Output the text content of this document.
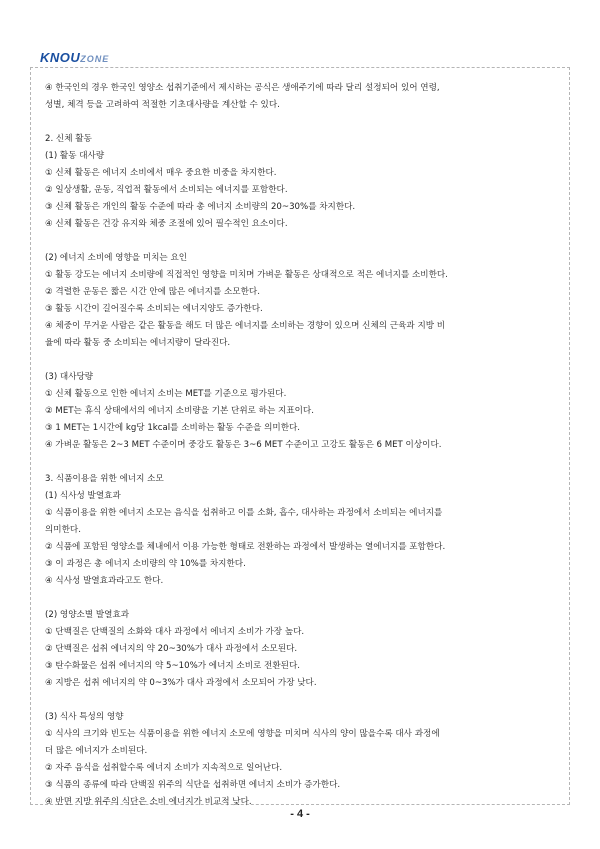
KNOUZONE
④ 한국인의 경우 한국인 영양소 섭취기준에서 제시하는 공식은 생애주기에 따라 달리 설정되어 있어 연령,
성별, 체격 등을 고려하여 적절한 기초대사량을 계산할 수 있다.
2. 신체 활동
(1) 활동 대사량
① 신체 활동은 에너지 소비에서 매우 중요한 비중을 차지한다.
② 일상생활, 운동, 직업적 활동에서 소비되는 에너지를 포함한다.
③ 신체 활동은 개인의 활동 수준에 따라 총 에너지 소비량의 20~30%를 차지한다.
④ 신체 활동은 건강 유지와 체중 조절에 있어 필수적인 요소이다.
(2) 에너지 소비에 영향을 미치는 요인
① 활동 강도는 에너지 소비량에 직접적인 영향을 미치며 가벼운 활동은 상대적으로 적은 에너지를 소비한다.
② 격렬한 운동은 짧은 시간 안에 많은 에너지를 소모한다.
③ 활동 시간이 길어질수록 소비되는 에너지양도 증가한다.
④ 체중이 무거운 사람은 같은 활동을 해도 더 많은 에너지를 소비하는 경향이 있으며 신체의 근육과 지방 비
율에 따라 활동 중 소비되는 에너지량이 달라진다.
(3) 대사당량
① 신체 활동으로 인한 에너지 소비는 MET를 기준으로 평가된다.
② MET는 휴식 상태에서의 에너지 소비량을 기본 단위로 하는 지표이다.
③ 1 MET는 1시간에 kg당 1kcal를 소비하는 활동 수준을 의미한다.
④ 가벼운 활동은 2~3 MET 수준이며 중강도 활동은 3~6 MET 수준이고 고강도 활동은 6 MET 이상이다.
3. 식품이용을 위한 에너지 소모
(1) 식사성 발열효과
① 식품이용을 위한 에너지 소모는 음식을 섭취하고 이를 소화, 흡수, 대사하는 과정에서 소비되는 에너지를
의미한다.
② 식품에 포함된 영양소를 체내에서 이용 가능한 형태로 전환하는 과정에서 발생하는 열에너지를 포함한다.
③ 이 과정은 총 에너지 소비량의 약 10%를 차지한다.
④ 식사성 발열효과라고도 한다.
(2) 영양소별 발열효과
① 단백질은 단백질의 소화와 대사 과정에서 에너지 소비가 가장 높다.
② 단백질은 섭취 에너지의 약 20~30%가 대사 과정에서 소모된다.
③ 탄수화물은 섭취 에너지의 약 5~10%가 에너지 소비로 전환된다.
④ 지방은 섭취 에너지의 약 0~3%가 대사 과정에서 소모되어 가장 낮다.
(3) 식사 특성의 영향
① 식사의 크기와 빈도는 식품이용을 위한 에너지 소모에 영향을 미치며 식사의 양이 많을수록 대사 과정에
더 많은 에너지가 소비된다.
② 자주 음식을 섭취할수록 에너지 소비가 지속적으로 일어난다.
③ 식품의 종류에 따라 단백질 위주의 식단을 섭취하면 에너지 소비가 증가한다.
④ 반면 지방 위주의 식단은 소비 에너지가 비교적 낮다.
- 4 -
